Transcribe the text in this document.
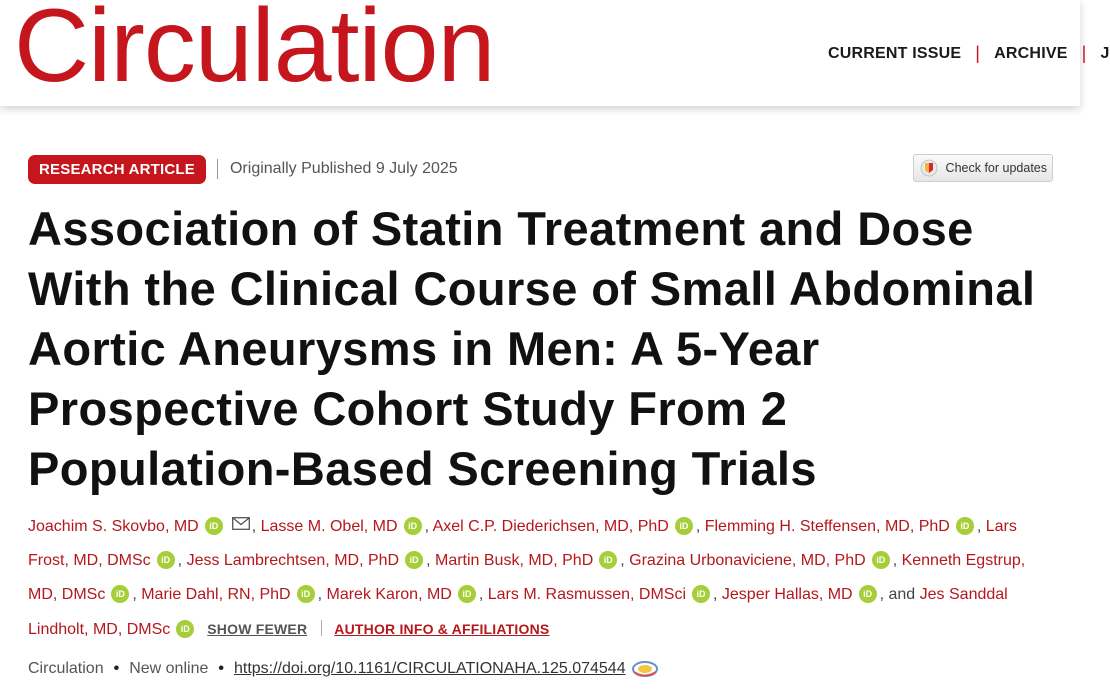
Circulation	CURRENT ISSUE | ARCHIVE | J
RESEARCH ARTICLE	Originally Published 9 July 2025	Check for updates
Association of Statin Treatment and Dose With the Clinical Course of Small Abdominal Aortic Aneurysms in Men: A 5-Year Prospective Cohort Study From 2 Population-Based Screening Trials
Joachim S. Skovbo, MD iD , Lasse M. Obel, MD iD , Axel C.P. Diederichsen, MD, PhD iD , Flemming H. Steffensen, MD, PhD iD , Lars Frost, MD, DMSc iD , Jess Lambrechtsen, MD, PhD iD , Martin Busk, MD, PhD iD , Grazina Urbonaviciene, MD, PhD iD , Kenneth Egstrup, MD, DMSc iD , Marie Dahl, RN, PhD iD , Marek Karon, MD iD , Lars M. Rasmussen, DMSci iD , Jesper Hallas, MD iD , and Jes Sanddal Lindholt, MD, DMSc iD SHOW FEWER AUTHOR INFO & AFFILIATIONS
Circulation • New online • https://doi.org/10.1161/CIRCULATIONAHA.125.074544
